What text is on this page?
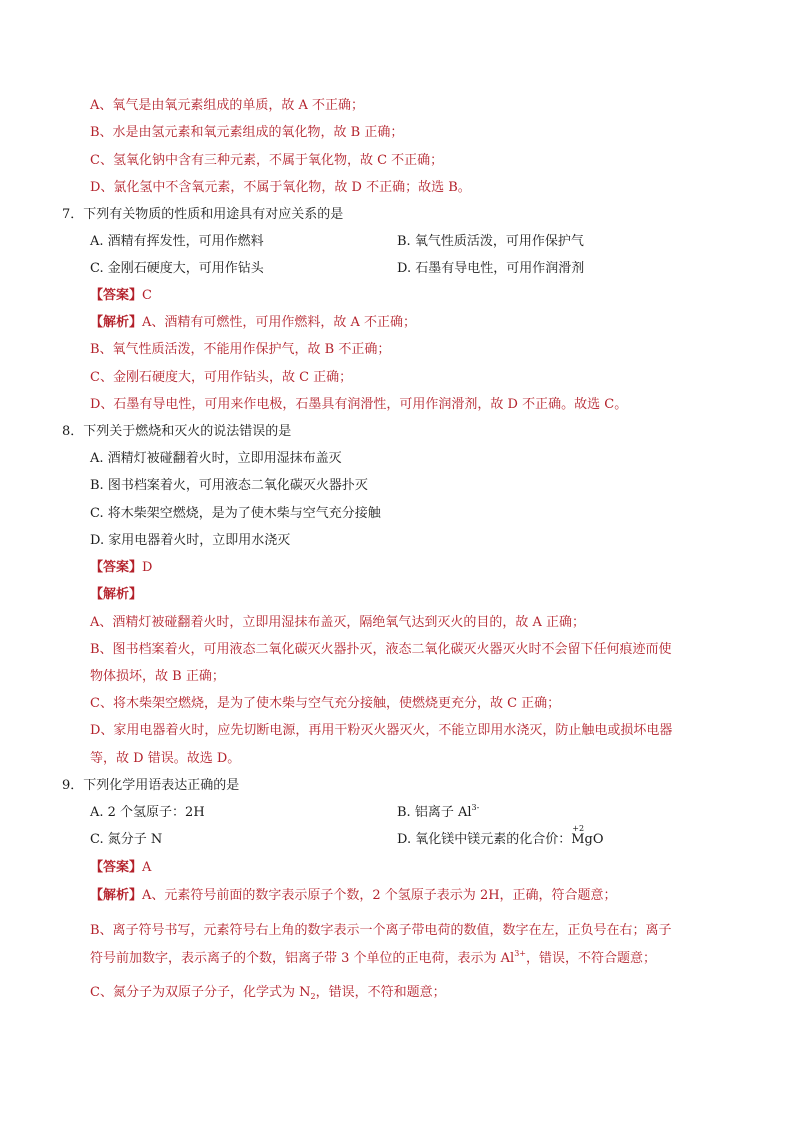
A、氧气是由氧元素组成的单质，故 A 不正确；
B、水是由氢元素和氧元素组成的氧化物，故 B 正确；
C、氢氧化钠中含有三种元素，不属于氧化物，故 C 不正确；
D、氯化氢中不含氧元素，不属于氧化物，故 D 不正确；故选 B。
7．下列有关物质的性质和用途具有对应关系的是
A. 酒精有挥发性，可用作燃料	B. 氧气性质活泼，可用作保护气
C. 金刚石硬度大，可用作钻头	D. 石墨有导电性，可用作润滑剂
【答案】C
【解析】A、酒精有可燃性，可用作燃料，故 A 不正确；
B、氧气性质活泼，不能用作保护气，故 B 不正确；
C、金刚石硬度大，可用作钻头，故 C 正确；
D、石墨有导电性，可用来作电极，石墨具有润滑性，可用作润滑剂，故 D 不正确。故选 C。
8．下列关于燃烧和灭火的说法错误的是
A. 酒精灯被碰翻着火时，立即用湿抹布盖灭
B. 图书档案着火，可用液态二氧化碳灭火器扑灭
C. 将木柴架空燃烧，是为了使木柴与空气充分接触
D. 家用电器着火时，立即用水浇灭
【答案】D
【解析】
A、酒精灯被碰翻着火时，立即用湿抹布盖灭，隔绝氧气达到灭火的目的，故 A 正确；
B、图书档案着火，可用液态二氧化碳灭火器扑灭，液态二氧化碳灭火器灭火时不会留下任何痕迹而使
物体损坏，故 B 正确；
C、将木柴架空燃烧，是为了使木柴与空气充分接触，使燃烧更充分，故 C 正确；
D、家用电器着火时，应先切断电源，再用干粉灭火器灭火，不能立即用水浇灭，防止触电或损坏电器
等，故 D 错误。故选 D。
9．下列化学用语表达正确的是
A. 2 个氢原子：2H	B. 铝离子 $Al^{3-}$
C. 氮分子 N	D. 氧化镁中镁元素的化合价：
+2
MgO
【答案】A
【解析】A、元素符号前面的数字表示原子个数，2 个氢原子表示为 2H，正确，符合题意；
B、离子符号书写，元素符号右上角的数字表示一个离子带电荷的数值，数字在左，正负号在右；离子
符号前加数字，表示离子的个数，铝离子带 3 个单位的正电荷，表示为 $Al^{3+}$，错误，不符合题意；
C、氮分子为双原子分子，化学式为 $N_2$，错误，不符和题意；
